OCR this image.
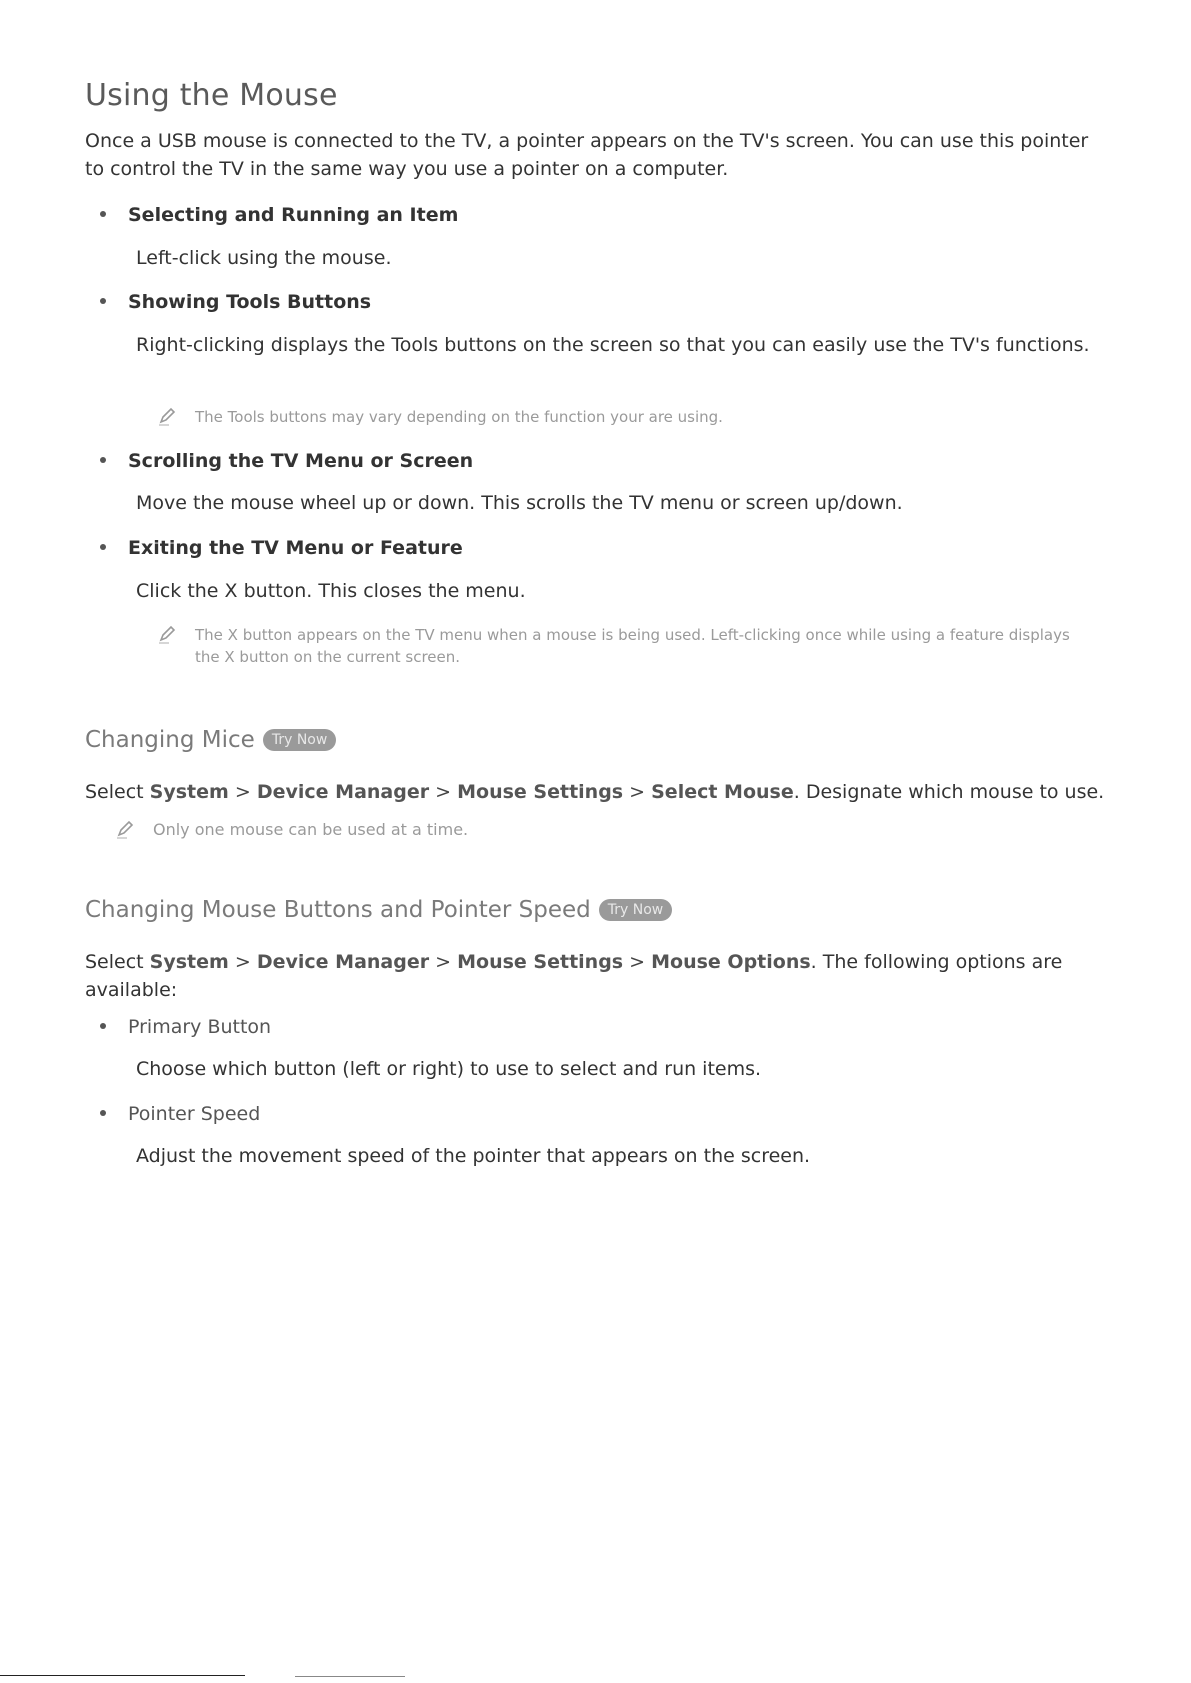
Using the Mouse

Once a USB mouse is connected to the TV, a pointer appears on the TV's screen. You can use this pointer to control the TV in the same way you use a pointer on a computer.

Selecting and Running an Item

Left-click using the mouse.

Showing Tools Buttons

Right-clicking displays the Tools buttons on the screen so that you can easily use the TV's functions.

The Tools buttons may vary depending on the function your are using.

Scrolling the TV Menu or Screen

Move the mouse wheel up or down. This scrolls the TV menu or screen up/down.

Exiting the TV Menu or Feature

Click the X button. This closes the menu.

The X button appears on the TV menu when a mouse is being used. Left-clicking once while using a feature displays the X button on the current screen.
Changing Mice	Try Now

Select System > Device Manager > Mouse Settings > Select Mouse. Designate which mouse to use.

Only one mouse can be used at a time.
Changing Mouse Buttons and Pointer Speed	Try Now

Select System > Device Manager > Mouse Settings > Mouse Options. The following options are available:

Primary Button

Choose which button (left or right) to use to select and run items.

Pointer Speed

Adjust the movement speed of the pointer that appears on the screen.
